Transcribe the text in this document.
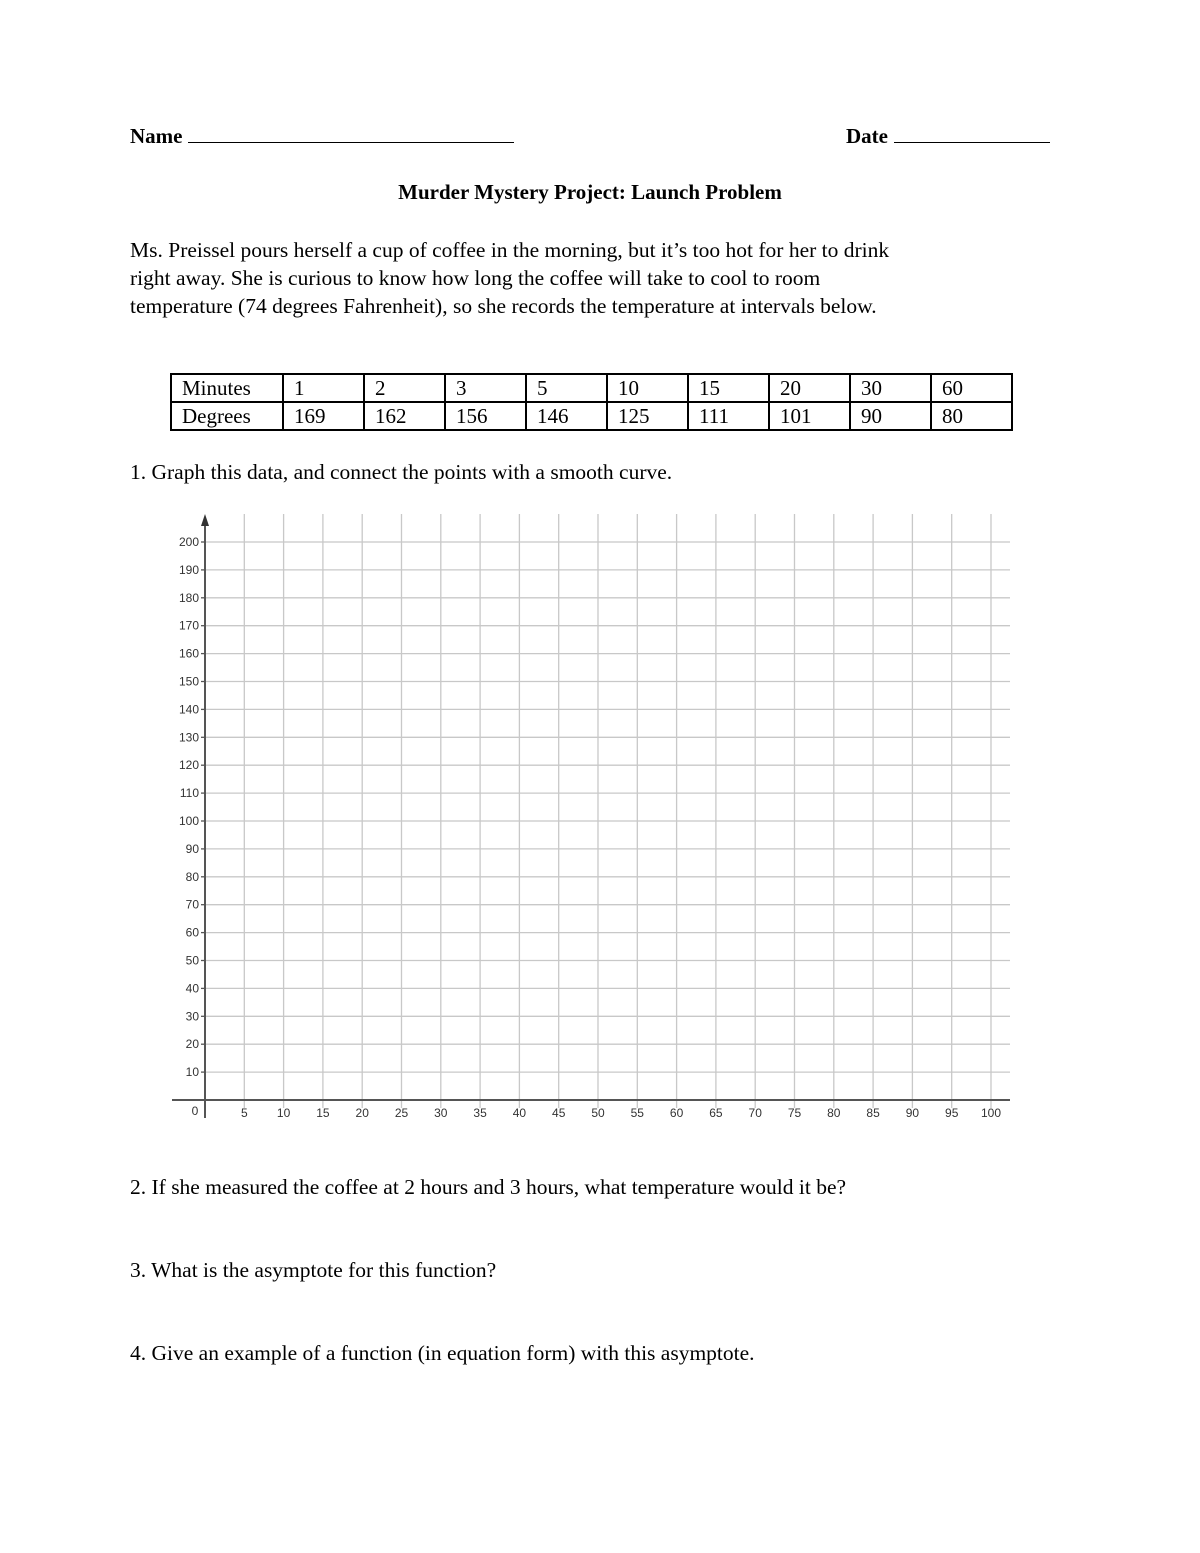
Name	Date
Murder Mystery Project: Launch Problem

Ms. Preissel pours herself a cup of coffee in the morning, but it’s too hot for her to drink
right away. She is curious to know how long the coffee will take to cool to room
temperature (74 degrees Fahrenheit), so she records the temperature at intervals below.

Minutes	1	2	3	5	10	15	20	30	60
Degrees	169	162	156	146	125	111	101	90	80

1. Graph this data, and connect the points with a smooth curve.

5 10 15 20 25 30 35 40 45 50 55 60 65 70 75 80 85 90 95 100
10
20
30
40
50
60
70
80
90
100
110
120
130
140
150
160
170
180
190
200
0

2. If she measured the coffee at 2 hours and 3 hours, what temperature would it be?

3. What is the asymptote for this function?

4. Give an example of a function (in equation form) with this asymptote.
